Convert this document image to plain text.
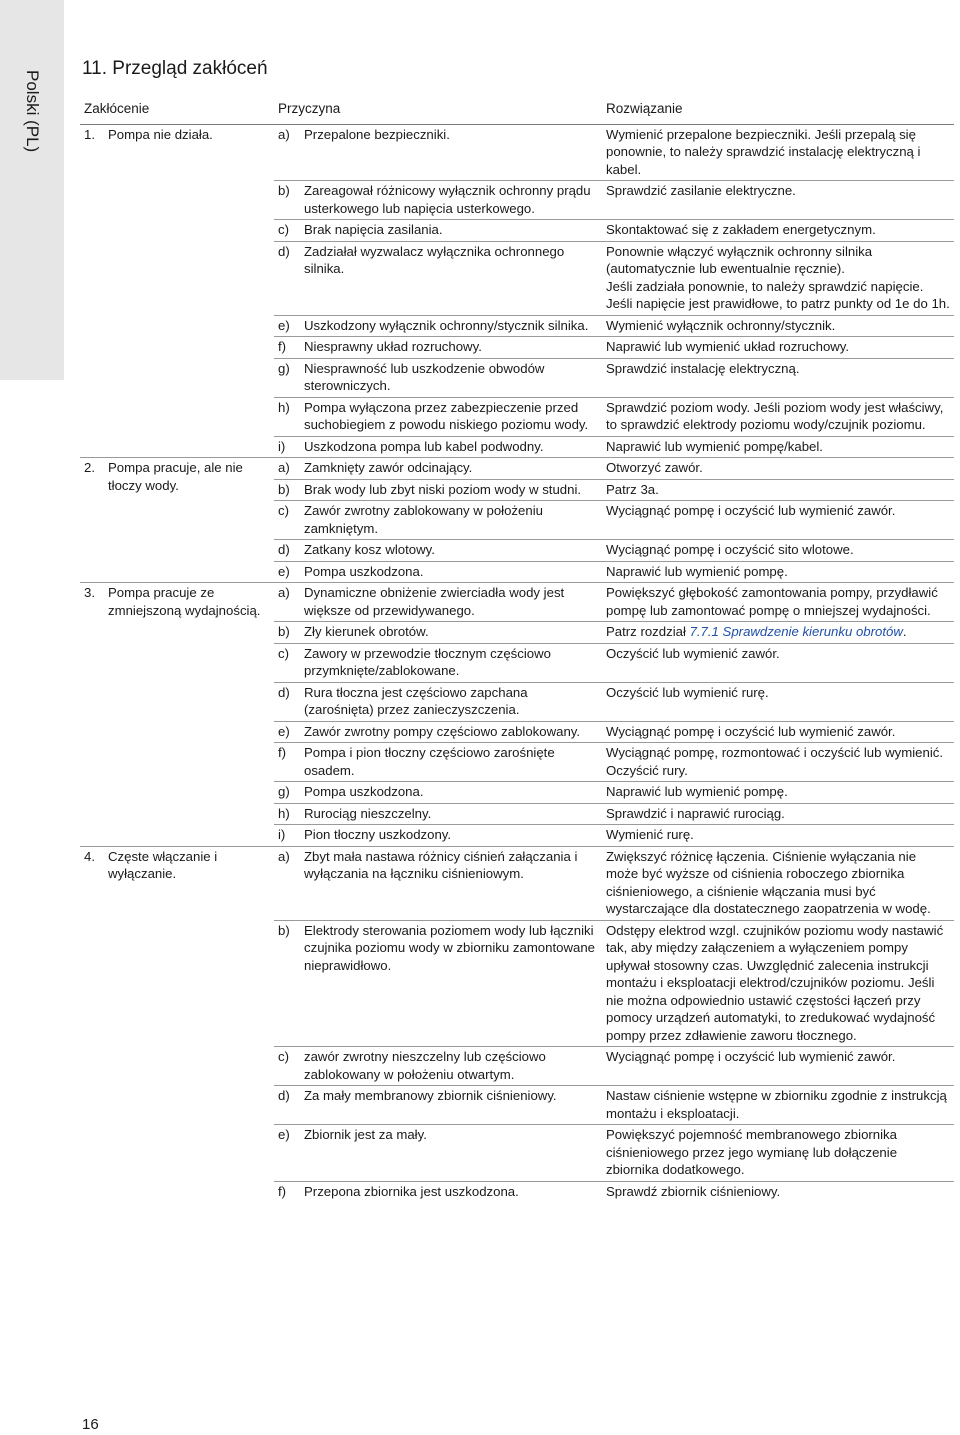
Polski (PL)
11. Przegląd zakłóceń
Zakłócenie	Przyczyna	Rozwiązanie

1. Pompa nie działa.	a) Przepalone bezpieczniki.	Wymienić przepalone bezpieczniki. Jeśli przepalą się ponownie, to należy sprawdzić instalację elektryczną i kabel.

	b) Zareagował różnicowy wyłącznik ochronny prądu usterkowego lub napięcia usterkowego.	Sprawdzić zasilanie elektryczne.

	c) Brak napięcia zasilania.	Skontaktować się z zakładem energetycznym.

	d) Zadziałał wyzwalacz wyłącznika ochronnego silnika.	Ponownie włączyć wyłącznik ochronny silnika (automatycznie lub ewentualnie ręcznie).
Jeśli zadziała ponownie, to należy sprawdzić napięcie. Jeśli napięcie jest prawidłowe, to patrz punkty od 1e do 1h.

	e) Uszkodzony wyłącznik ochronny/stycznik silnika.	Wymienić wyłącznik ochronny/stycznik.

	f) Niesprawny układ rozruchowy.	Naprawić lub wymienić układ rozruchowy.

	g) Niesprawność lub uszkodzenie obwodów sterowniczych.	Sprawdzić instalację elektryczną.

	h) Pompa wyłączona przez zabezpieczenie przed suchobiegiem z powodu niskiego poziomu wody.	Sprawdzić poziom wody. Jeśli poziom wody jest właściwy, to sprawdzić elektrody poziomu wody/czujnik poziomu.

	i) Uszkodzona pompa lub kabel podwodny.	Naprawić lub wymienić pompę/kabel.

2. Pompa pracuje, ale nie tłoczy wody.	a) Zamknięty zawór odcinający.	Otworzyć zawór.

	b) Brak wody lub zbyt niski poziom wody w studni.	Patrz 3a.

	c) Zawór zwrotny zablokowany w położeniu zamkniętym.	Wyciągnąć pompę i oczyścić lub wymienić zawór.

	d) Zatkany kosz wlotowy.	Wyciągnąć pompę i oczyścić sito wlotowe.

	e) Pompa uszkodzona.	Naprawić lub wymienić pompę.

3. Pompa pracuje ze zmniejszoną wydajnością.	a) Dynamiczne obniżenie zwierciadła wody jest większe od przewidywanego.	Powiększyć głębokość zamontowania pompy, przydławić pompę lub zamontować pompę o mniejszej wydajności.

	b) Zły kierunek obrotów.	Patrz rozdział 7.7.1 Sprawdzenie kierunku obrotów.

	c) Zawory w przewodzie tłocznym częściowo przymknięte/zablokowane.	Oczyścić lub wymienić zawór.

	d) Rura tłoczna jest częściowo zapchana (zarośnięta) przez zanieczyszczenia.	Oczyścić lub wymienić rurę.

	e) Zawór zwrotny pompy częściowo zablokowany.	Wyciągnąć pompę i oczyścić lub wymienić zawór.

	f) Pompa i pion tłoczny częściowo zarośnięte osadem.	Wyciągnąć pompę, rozmontować i oczyścić lub wymienić.
Oczyścić rury.

	g) Pompa uszkodzona.	Naprawić lub wymienić pompę.

	h) Rurociąg nieszczelny.	Sprawdzić i naprawić rurociąg.

	i) Pion tłoczny uszkodzony.	Wymienić rurę.

4. Częste włączanie i wyłączanie.	a) Zbyt mała nastawa różnicy ciśnień załączania i wyłączania na łączniku ciśnieniowym.	Zwiększyć różnicę łączenia. Ciśnienie wyłączania nie może być wyższe od ciśnienia roboczego zbiornika ciśnieniowego, a ciśnienie włączania musi być wystarczające dla dostatecznego zaopatrzenia w wodę.

	b) Elektrody sterowania poziomem wody lub łączniki czujnika poziomu wody w zbiorniku zamontowane nieprawidłowo.	Odstępy elektrod wzgl. czujników poziomu wody nastawić tak, aby między załączeniem a wyłączeniem pompy upływał stosowny czas. Uwzględnić zalecenia instrukcji montażu i eksploatacji elektrod/czujników poziomu. Jeśli nie można odpowiednio ustawić częstości łączeń przy pomocy urządzeń automatyki, to zredukować wydajność pompy przez zdławienie zaworu tłocznego.

	c) zawór zwrotny nieszczelny lub częściowo zablokowany w położeniu otwartym.	Wyciągnąć pompę i oczyścić lub wymienić zawór.

	d) Za mały membranowy zbiornik ciśnieniowy.	Nastaw ciśnienie wstępne w zbiorniku zgodnie z instrukcją montażu i eksploatacji.

	e) Zbiornik jest za mały.	Powiększyć pojemność membranowego zbiornika ciśnieniowego przez jego wymianę lub dołączenie zbiornika dodatkowego.

	f) Przepona zbiornika jest uszkodzona.	Sprawdź zbiornik ciśnieniowy.
16
